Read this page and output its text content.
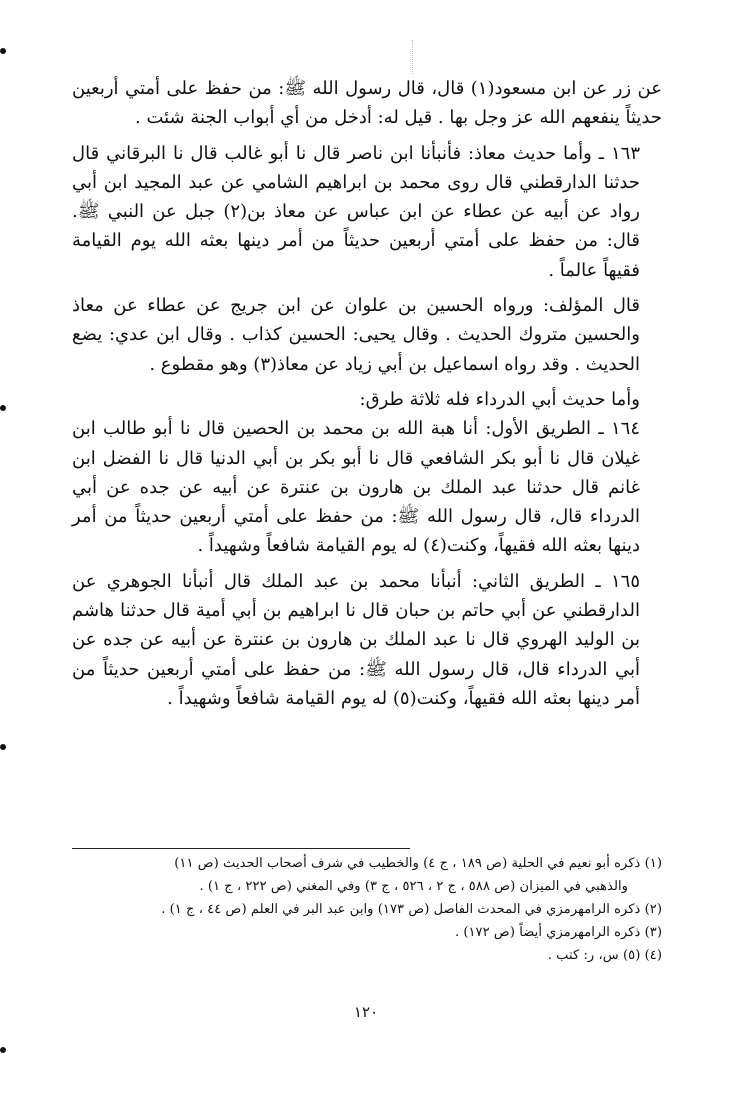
عن زر عن ابن مسعود(١) قال، قال رسول الله ﷺ: من حفظ على أمتي أربعين حديثاً ينفعهم الله عز وجل بها . قيل له: أدخل من أي أبواب الجنة شئت .

١٦٣ ـ وأما حديث معاذ: فأنبأنا ابن ناصر قال نا أبو غالب قال نا البرقاني قال حدثنا الدارقطني قال روى محمد بن ابراهيم الشامي عن عبد المجيد ابن أبي رواد عن أبيه عن عطاء عن ابن عباس عن معاذ بن(٢) جبل عن النبي ﷺ. قال: من حفظ على أمتي أربعين حديثاً من أمر دينها بعثه الله يوم القيامة فقيهاً عالماً .

قال المؤلف: ورواه الحسين بن علوان عن ابن جريج عن عطاء عن معاذ والحسين متروك الحديث . وقال يحيى: الحسين كذاب . وقال ابن عدي: يضع الحديث . وقد رواه اسماعيل بن أبي زياد عن معاذ(٣) وهو مقطوع .

وأما حديث أبي الدرداء فله ثلاثة طرق:

١٦٤ ـ الطريق الأول: أنا هبة الله بن محمد بن الحصين قال نا أبو طالب ابن غيلان قال نا أبو بكر الشافعي قال نا أبو بكر بن أبي الدنيا قال نا الفضل ابن غانم قال حدثنا عبد الملك بن هارون بن عنترة عن أبيه عن جده عن أبي الدرداء قال، قال رسول الله ﷺ: من حفظ على أمتي أربعين حديثاً من أمر دينها بعثه الله فقيهاً، وكنت(٤) له يوم القيامة شافعاً وشهيداً .

١٦٥ ـ الطريق الثاني: أنبأنا محمد بن عبد الملك قال أنبأنا الجوهري عن الدارقطني عن أبي حاتم بن حبان قال نا ابراهيم بن أبي أمية قال حدثنا هاشم بن الوليد الهروي قال نا عبد الملك بن هارون بن عنترة عن أبيه عن جده عن أبي الدرداء قال، قال رسول الله ﷺ: من حفظ على أمتي أربعين حديثاً من أمر دينها بعثه الله فقيهاً، وكنت(٥) له يوم القيامة شافعاً وشهيداً .

(١) ذكره أبو نعيم في الحلية (ص ١٨٩ ، ج ٤) والخطيب في شرف أصحاب الحديث (ص ١١)

والذهبي في الميزان (ص ٥٨٨ ، ج ٢ ، ٥٢٦ ، ج ٣) وفي المغني (ص ٢٢٢ ، ج ١) .

(٢) ذكره الرامهرمزي في المحدث الفاصل (ص ١٧٣) وابن عبد البر في العلم (ص ٤٤ ، ج ١) .

(٣) ذكره الرامهرمزي أيضاً (ص ١٧٢) .

(٤) (٥) س، ر: كتب .

١٢٠
